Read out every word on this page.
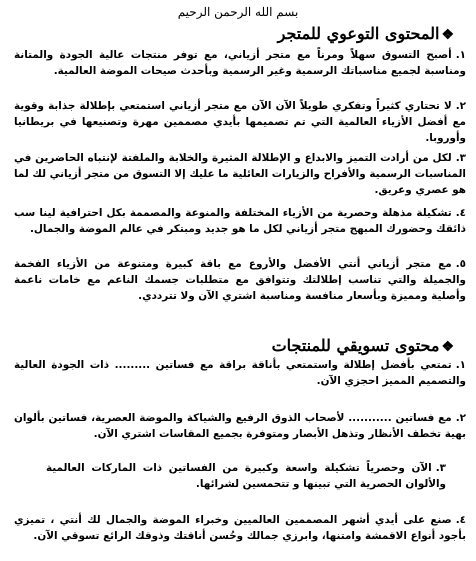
بسم الله الرحمن الرحيم
❖المحتوى التوعوي للمتجر
١.أصبح التسوق سهلاً ومرناً مع متجر أزياني، مع توفر منتجات عالية الجودة والمتانة ومناسبة لجميع مناسباتك الرسمية وغير الرسمية وبأحدث صيحات الموضة العالمية.
٢.لا تحتاري كثيراً وتفكري طويلاً الآن الآن مع متجر أزياني استمتعي بإطلالة جذابة وقوية مع أفضل الأزياء العالمية التي تم تصميمها بأيدي مصممين مهرة وتصنيعها في بريطانيا وأوروبا.
٣.لكل من أرادت التميز والابداع و الإطلالة المثيرة والخلابة والملفتة لإنتباه الحاضرين في المناسبات الرسمية والأفراح والزيارات العائلية ما عليك إلا التسوق من متجر أزياني لك لما هو عصري وعريق.
٤.تشكيلة مذهلة وحصرية من الأزياء المختلفة والمنوعة والمصممة بكل احترافية لينا سب ذائقك وحضورك المبهج متجر أزياني لكل ما هو جديد ومبتكر في عالم الموضة والجمال.
٥.مع متجر أزياني أنتي الأفضل والأروع مع باقة كبيرة ومتنوعة من الأزياء الفخمة والجميلة والتي تناسب إطلالتك وتتوافق مع متطلبات جسمك الناعم مع خامات ناعمة وأصلية ومميزة وبأسعار منافسة ومناسبة اشتري الآن ولا تترددي.
❖محتوى تسويقي للمنتجات
١.تمتعي بأفضل إطلالة واستمتعي بأناقة براقة مع فساتين ......... ذات الجودة العالية والتصميم المميز احجزي الآن.
٢.مع فساتين ........... لأصحاب الذوق الرفيع والشياكة والموضة العصرية، فساتين بألوان بهية تخطف الأنظار وتذهل الأبصار ومتوفرة بجميع المقاسات اشتري الآن.
٣.الآن وحصرياً تشكيلة واسعة وكبيرة من الفساتين ذات الماركات العالمية والألوان الحصرية التي تبينها و تتحمسين لشرائها.
٤.صنع على أيدي أشهر المصممين العالميين وخبراء الموضة والجمال لك أنتي ، تميزي بأجود أنواع الاقمشة وامتنها، وابرزي جمالك وحُسن أناقتك وذوقك الرائع تسوقي الآن.
